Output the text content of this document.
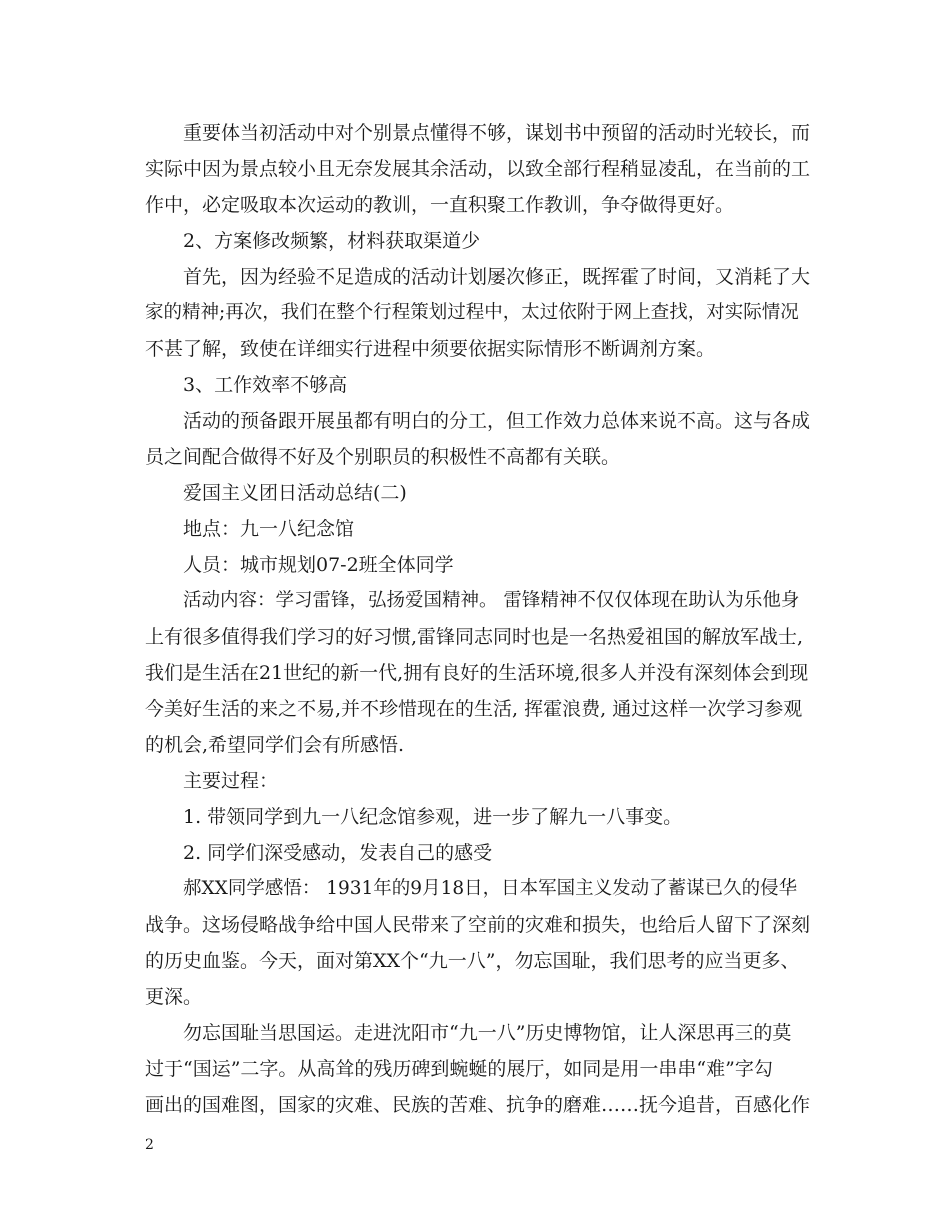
重要体当初活动中对个别景点懂得不够，谋划书中预留的活动时光较长，而

实际中因为景点较小且无奈发展其余活动，以致全部行程稍显凌乱，在当前的工

作中，必定吸取本次运动的教训，一直积聚工作教训，争夺做得更好。

2、方案修改频繁，材料获取渠道少

首先，因为经验不足造成的活动计划屡次修正，既挥霍了时间，又消耗了大

家的精神;再次，我们在整个行程策划过程中，太过依附于网上查找，对实际情况

不甚了解，致使在详细实行进程中须要依据实际情形不断调剂方案。

3、工作效率不够高

活动的预备跟开展虽都有明白的分工，但工作效力总体来说不高。这与各成

员之间配合做得不好及个别职员的积极性不高都有关联。

爱国主义团日活动总结(二)

地点：九一八纪念馆

人员：城市规划07-2班全体同学

活动内容：学习雷锋，弘扬爱国精神。 雷锋精神不仅仅体现在助认为乐他身

上有很多值得我们学习的好习惯,雷锋同志同时也是一名热爱祖国的解放军战士,

我们是生活在21世纪的新一代,拥有良好的生活环境,很多人并没有深刻体会到现

今美好生活的来之不易,并不珍惜现在的生活, 挥霍浪费, 通过这样一次学习参观

的机会,希望同学们会有所感悟.

主要过程：

1. 带领同学到九一八纪念馆参观，进一步了解九一八事变。

2. 同学们深受感动，发表自己的感受

郝XX同学感悟： 1931年的9月18日，日本军国主义发动了蓄谋已久的侵华

战争。这场侵略战争给中国人民带来了空前的灾难和损失，也给后人留下了深刻

的历史血鉴。今天，面对第XX个“九一八”，勿忘国耻，我们思考的应当更多、

更深。

勿忘国耻当思国运。走进沈阳市“九一八”历史博物馆，让人深思再三的莫

过于“国运”二字。从高耸的残历碑到蜿蜒的展厅，如同是用一串串“难”字勾

画出的国难图，国家的灾难、民族的苦难、抗争的磨难……抚今追昔，百感化作

2
